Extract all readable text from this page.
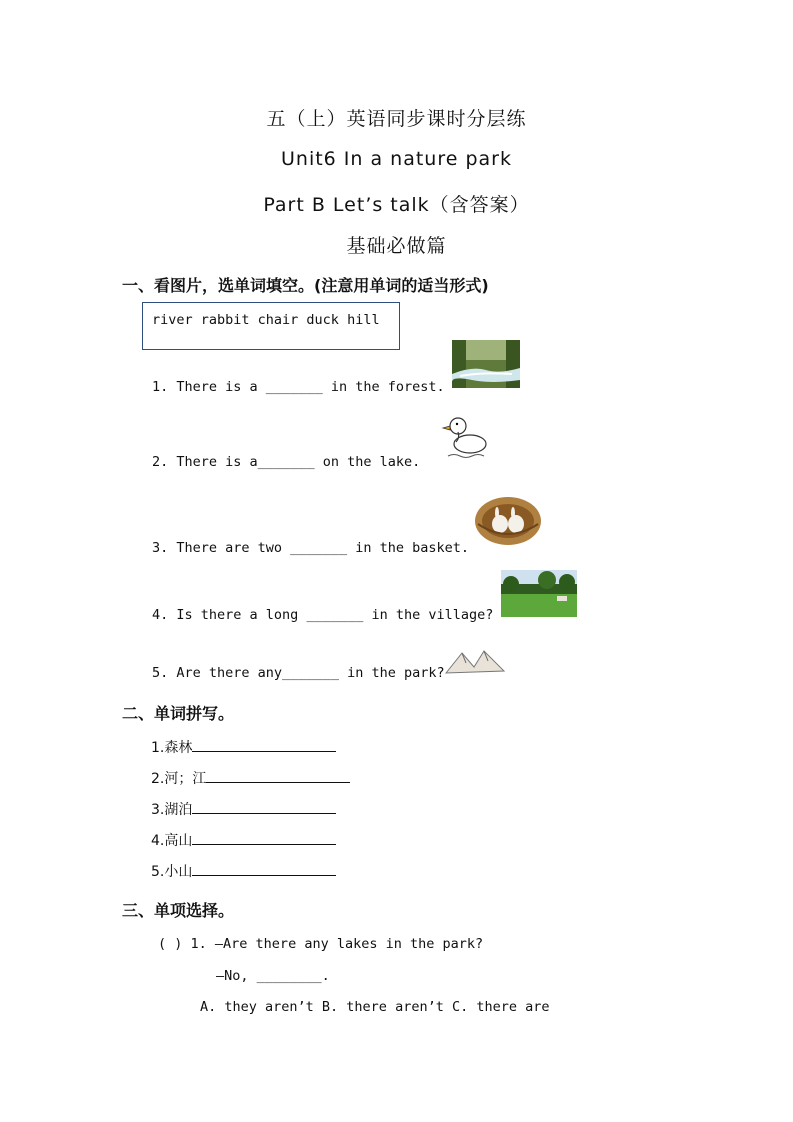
五（上）英语同步课时分层练
Unit6 In a nature park
Part B Let’s talk（含答案）
基础必做篇
一、看图片，选单词填空。(注意用单词的适当形式)
river rabbit chair duck hill
1. There is a _______ in the forest.
2. There is a_______ on the lake.
3. There are two _______ in the basket.
4. Is there a long _______ in the village?
5. Are there any_______ in the park?
二、单词拼写。
1.森林
2.河；江
3.湖泊
4.高山
5.小山
三、单项选择。
( ) 1. —Are there any lakes in the park?
—No, ________.
A. they aren’t B. there aren’t C. there are
